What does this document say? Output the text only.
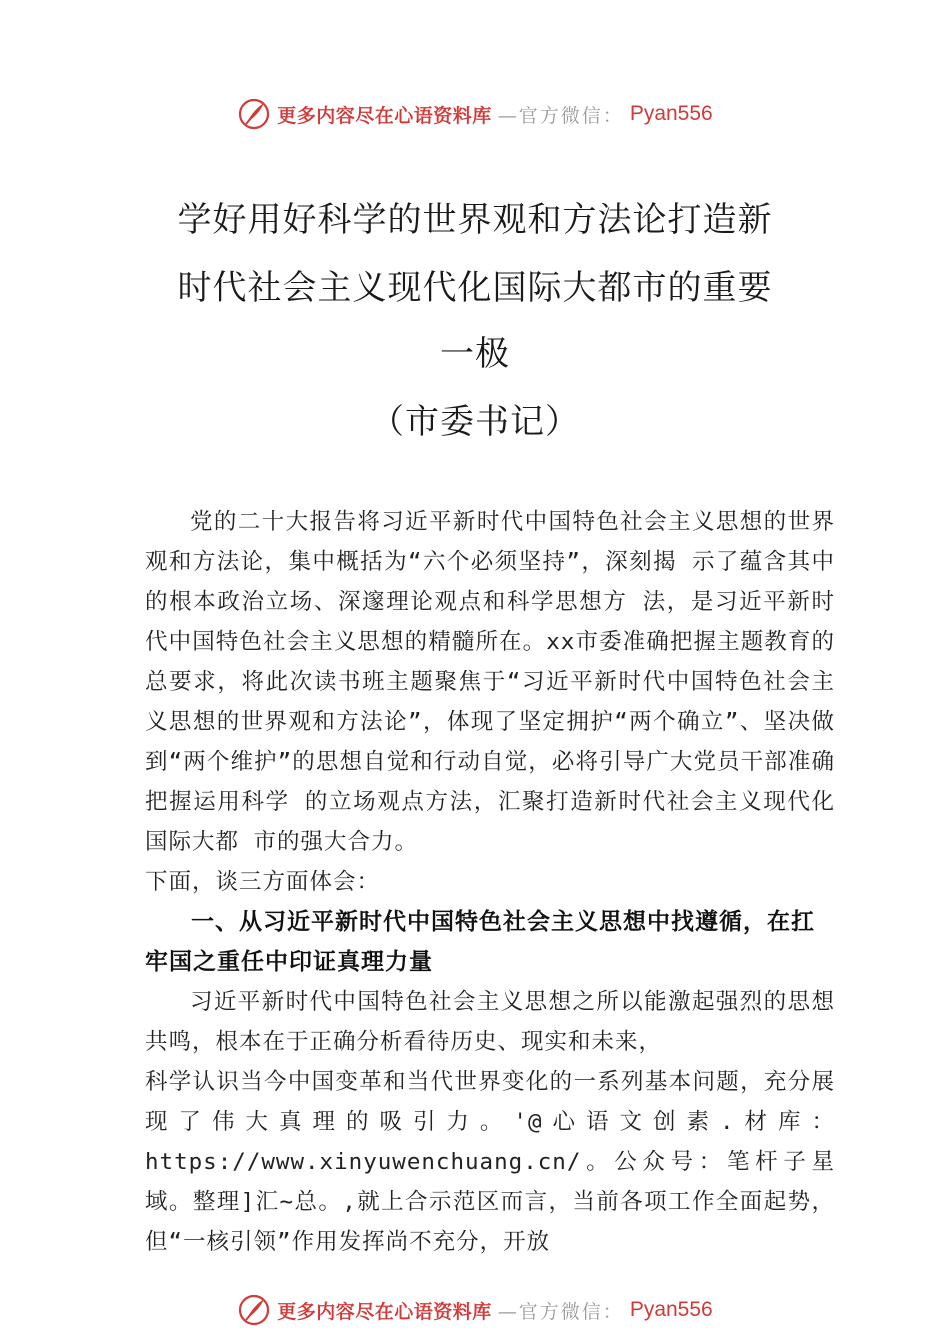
更多内容尽在心语资料库 —官方微信： Pyan556
学好用好科学的世界观和方法论打造新
时代社会主义现代化国际大都市的重要
一极
（市委书记）

党的二十大报告将习近平新时代中国特色社会主义思想的世界观和方法论，集中概括为“六个必须坚持”，深刻揭 示了蕴含其中的根本政治立场、深邃理论观点和科学思想方 法，是习近平新时代中国特色社会主义思想的精髓所在。xx市委准确把握主题教育的总要求，将此次读书班主题聚焦于“习近平新时代中国特色社会主义思想的世界观和方法论”，体现了坚定拥护“两个确立”、坚决做到“两个维护”的思想自觉和行动自觉，必将引导广大党员干部准确把握运用科学 的立场观点方法，汇聚打造新时代社会主义现代化国际大都 市的强大合力。

下面，谈三方面体会：

一、从习近平新时代中国特色社会主义思想中找遵循，在扛牢国之重任中印证真理力量

习近平新时代中国特色社会主义思想之所以能激起强烈的思想共鸣，根本在于正确分析看待历史、现实和未来，

科学认识当今中国变革和当代世界变化的一系列基本问题，充分展现了伟大真理的吸引力。'@心语文创素.材库：https://www.xinyuwenchuang.cn/。公众号：笔杆子星域。整理]汇~总。,就上合示范区而言，当前各项工作全面起势，但“一核引领”作用发挥尚不充分，开放

更多内容尽在心语资料库 —官方微信： Pyan556
